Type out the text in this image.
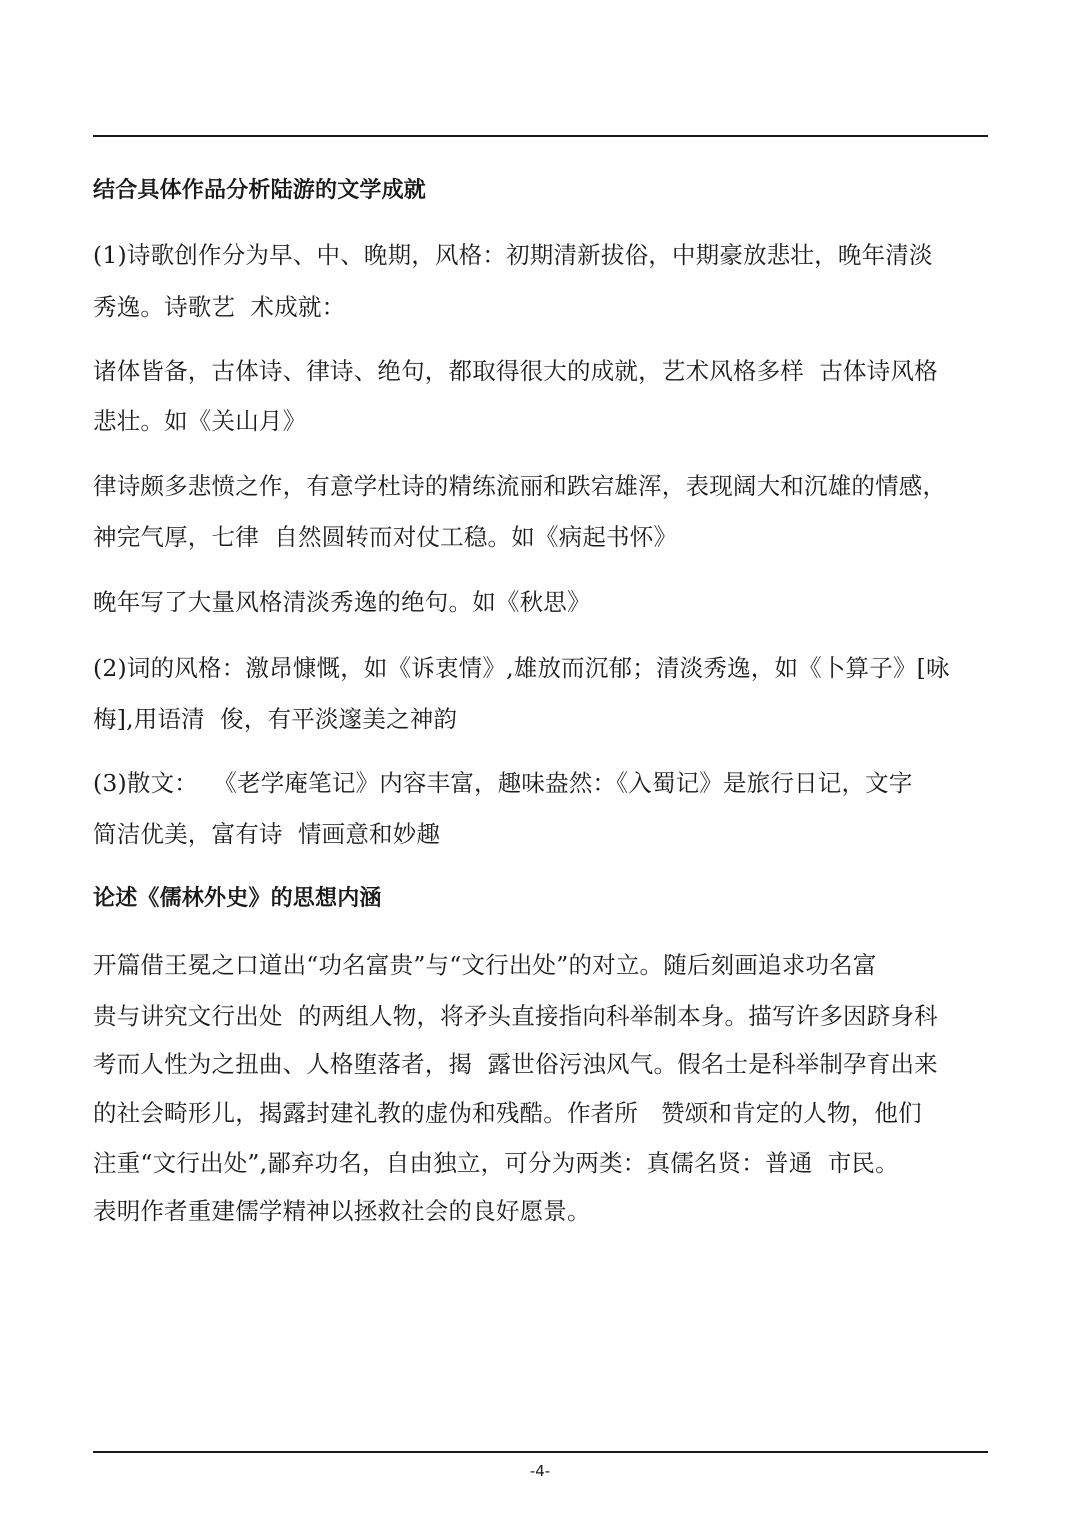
结合具体作品分析陆游的文学成就
(1)诗歌创作分为早、中、晚期，风格：初期清新拔俗，中期豪放悲壮，晚年清淡
秀逸。诗歌艺  术成就：
诸体皆备，古体诗、律诗、绝句，都取得很大的成就，艺术风格多样  古体诗风格
悲壮。如《关山月》
律诗颇多悲愤之作，有意学杜诗的精练流丽和跌宕雄浑，表现阔大和沉雄的情感，
神完气厚，七律  自然圆转而对仗工稳。如《病起书怀》
晚年写了大量风格清淡秀逸的绝句。如《秋思》
(2)词的风格：激昂慷慨，如《诉衷情》,雄放而沉郁；清淡秀逸，如《卜算子》[咏
梅],用语清  俊，有平淡邃美之神韵
(3)散文：  《老学庵笔记》内容丰富，趣味盎然：《入蜀记》是旅行日记，文字
简洁优美，富有诗  情画意和妙趣
论述《儒林外史》的思想内涵
开篇借王冕之口道出“功名富贵”与“文行出处”的对立。随后刻画追求功名富
贵与讲究文行出处  的两组人物，将矛头直接指向科举制本身。描写许多因跻身科
考而人性为之扭曲、人格堕落者，揭  露世俗污浊风气。假名士是科举制孕育出来
的社会畸形儿，揭露封建礼教的虚伪和残酷。作者所   赞颂和肯定的人物，他们
注重“文行出处”,鄙弃功名，自由独立，可分为两类：真儒名贤：普通  市民。
表明作者重建儒学精神以拯救社会的良好愿景。
-4-
